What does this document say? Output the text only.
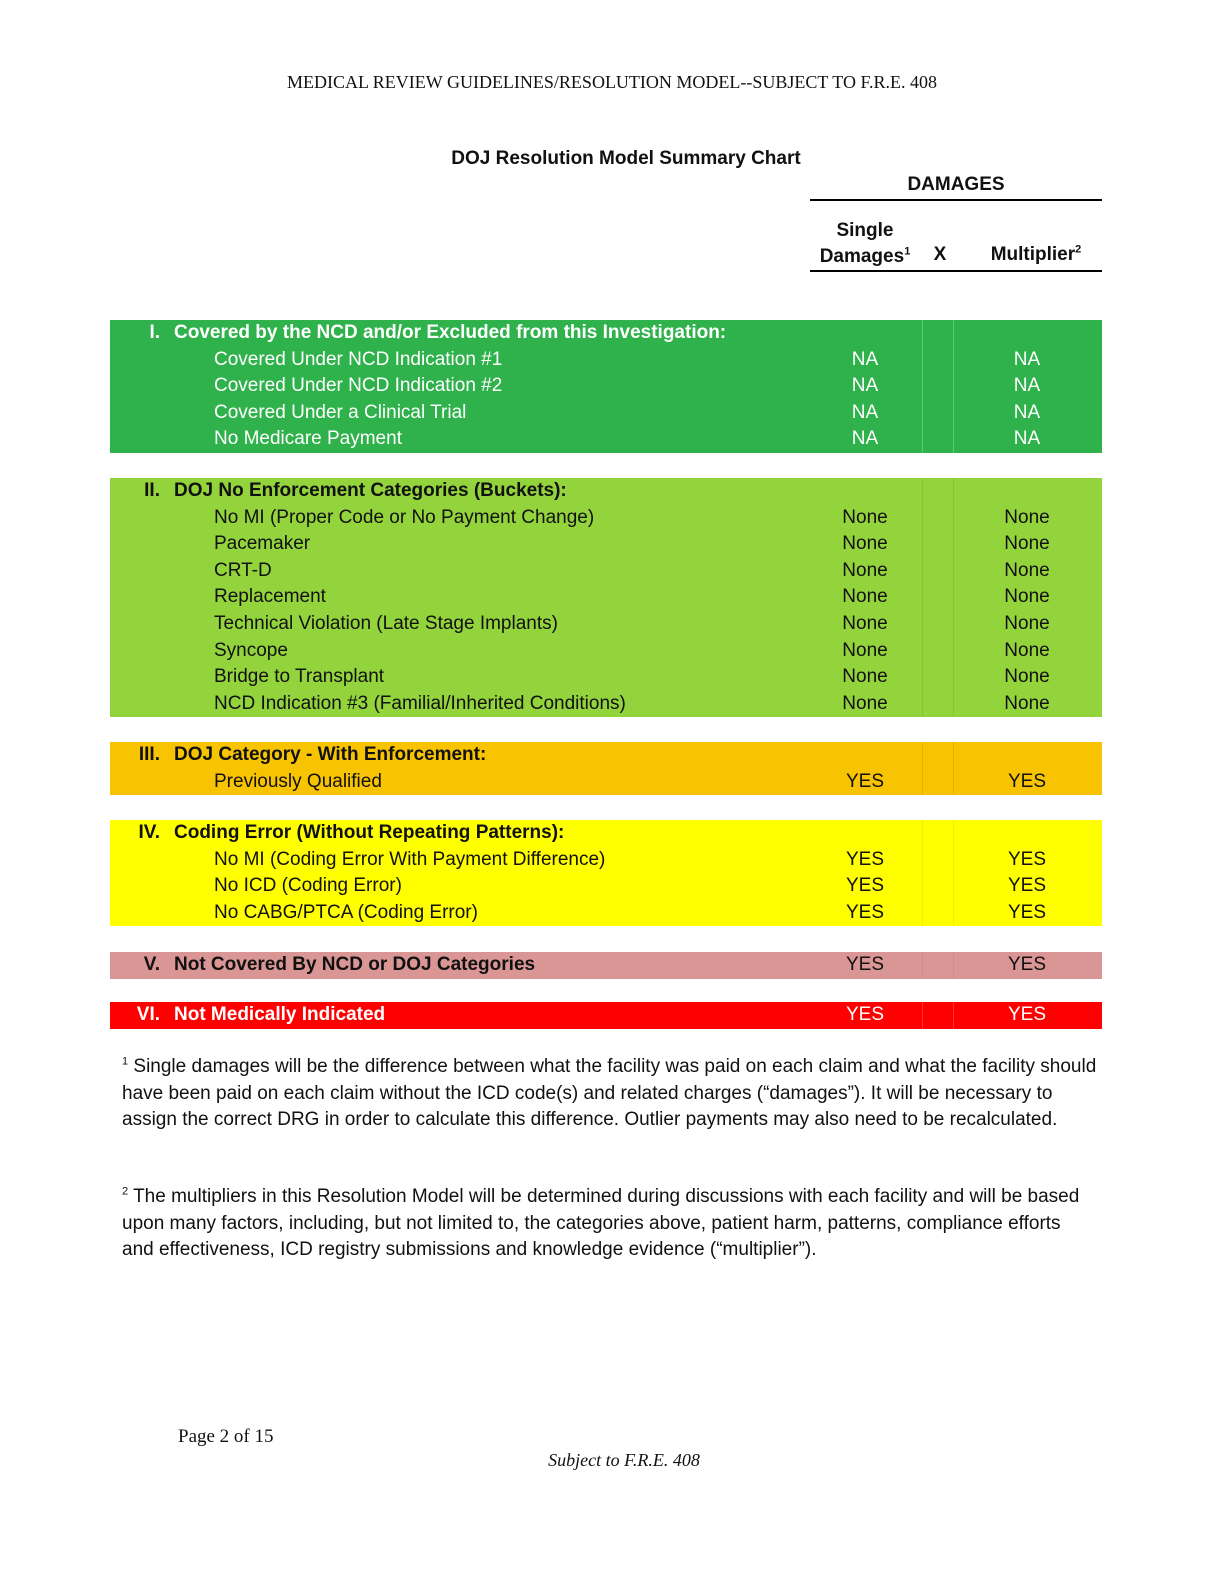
MEDICAL REVIEW GUIDELINES/RESOLUTION MODEL--SUBJECT TO F.R.E. 408
DOJ Resolution Model Summary Chart
DAMAGES
Single
Damages$^1$	X	Multiplier$^2$
I. Covered by the NCD and/or Excluded from this Investigation:
Covered Under NCD Indication #1	NA	NA
Covered Under NCD Indication #2	NA	NA
Covered Under a Clinical Trial	NA	NA
No Medicare Payment	NA	NA
II. DOJ No Enforcement Categories (Buckets):
No MI (Proper Code or No Payment Change)	None	None
Pacemaker	None	None
CRT-D	None	None
Replacement	None	None
Technical Violation (Late Stage Implants)	None	None
Syncope	None	None
Bridge to Transplant	None	None
NCD Indication #3 (Familial/Inherited Conditions)	None	None
III. DOJ Category - With Enforcement:
Previously Qualified	YES	YES
IV. Coding Error (Without Repeating Patterns):
No MI (Coding Error With Payment Difference)	YES	YES
No ICD (Coding Error)	YES	YES
No CABG/PTCA (Coding Error)	YES	YES
V. Not Covered By NCD or DOJ Categories	YES	YES
VI. Not Medically Indicated	YES	YES
$^1$ Single damages will be the difference between what the facility was paid on each claim and what the facility should have been paid on each claim without the ICD code(s) and related charges (“damages”). It will be necessary to assign the correct DRG in order to calculate this difference. Outlier payments may also need to be recalculated.
$^2$ The multipliers in this Resolution Model will be determined during discussions with each facility and will be based upon many factors, including, but not limited to, the categories above, patient harm, patterns, compliance efforts and effectiveness, ICD registry submissions and knowledge evidence (“multiplier”).
Page 2 of 15
Subject to F.R.E. 408
